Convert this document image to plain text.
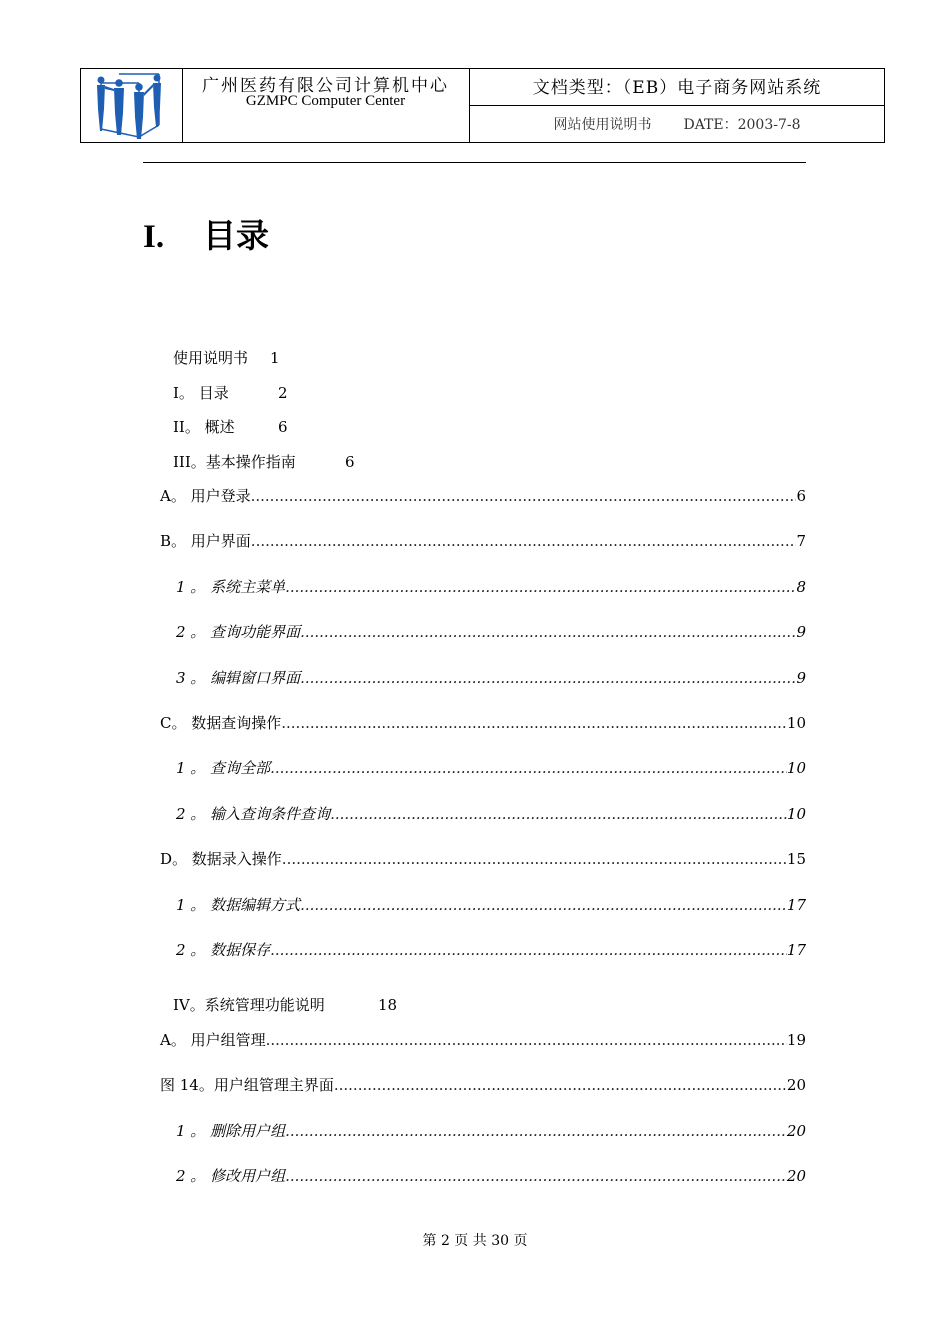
广州医药有限公司计算机中心
GZMPC Computer Center
文档类型：（EB）电子商务网站系统
网站使用说明书 DATE：2003-7-8
I. 目录
使用说明书 1
I。 目录	2
II。 概述	6
III。基本操作指南	6
A。 用户登录 .....	6
B。 用户界面 .....	7
1 。 系统主菜单 .....	8
2 。 查询功能界面 .....	9
3 。 编辑窗口界面 .....	9
C。 数据查询操作 .....	10
1 。 查询全部 .....	10
2 。 输入查询条件查询 .....	10
D。 数据录入操作 .....	15
1 。 数据编辑方式 .....	17
2 。 数据保存 .....	17
IV。系统管理功能说明	18
A。 用户组管理 .....	19
图 14。用户组管理主界面 .....	20
1 。 删除用户组 .....	20
2 。 修改用户组 .....	20
第 2 页 共 30 页
